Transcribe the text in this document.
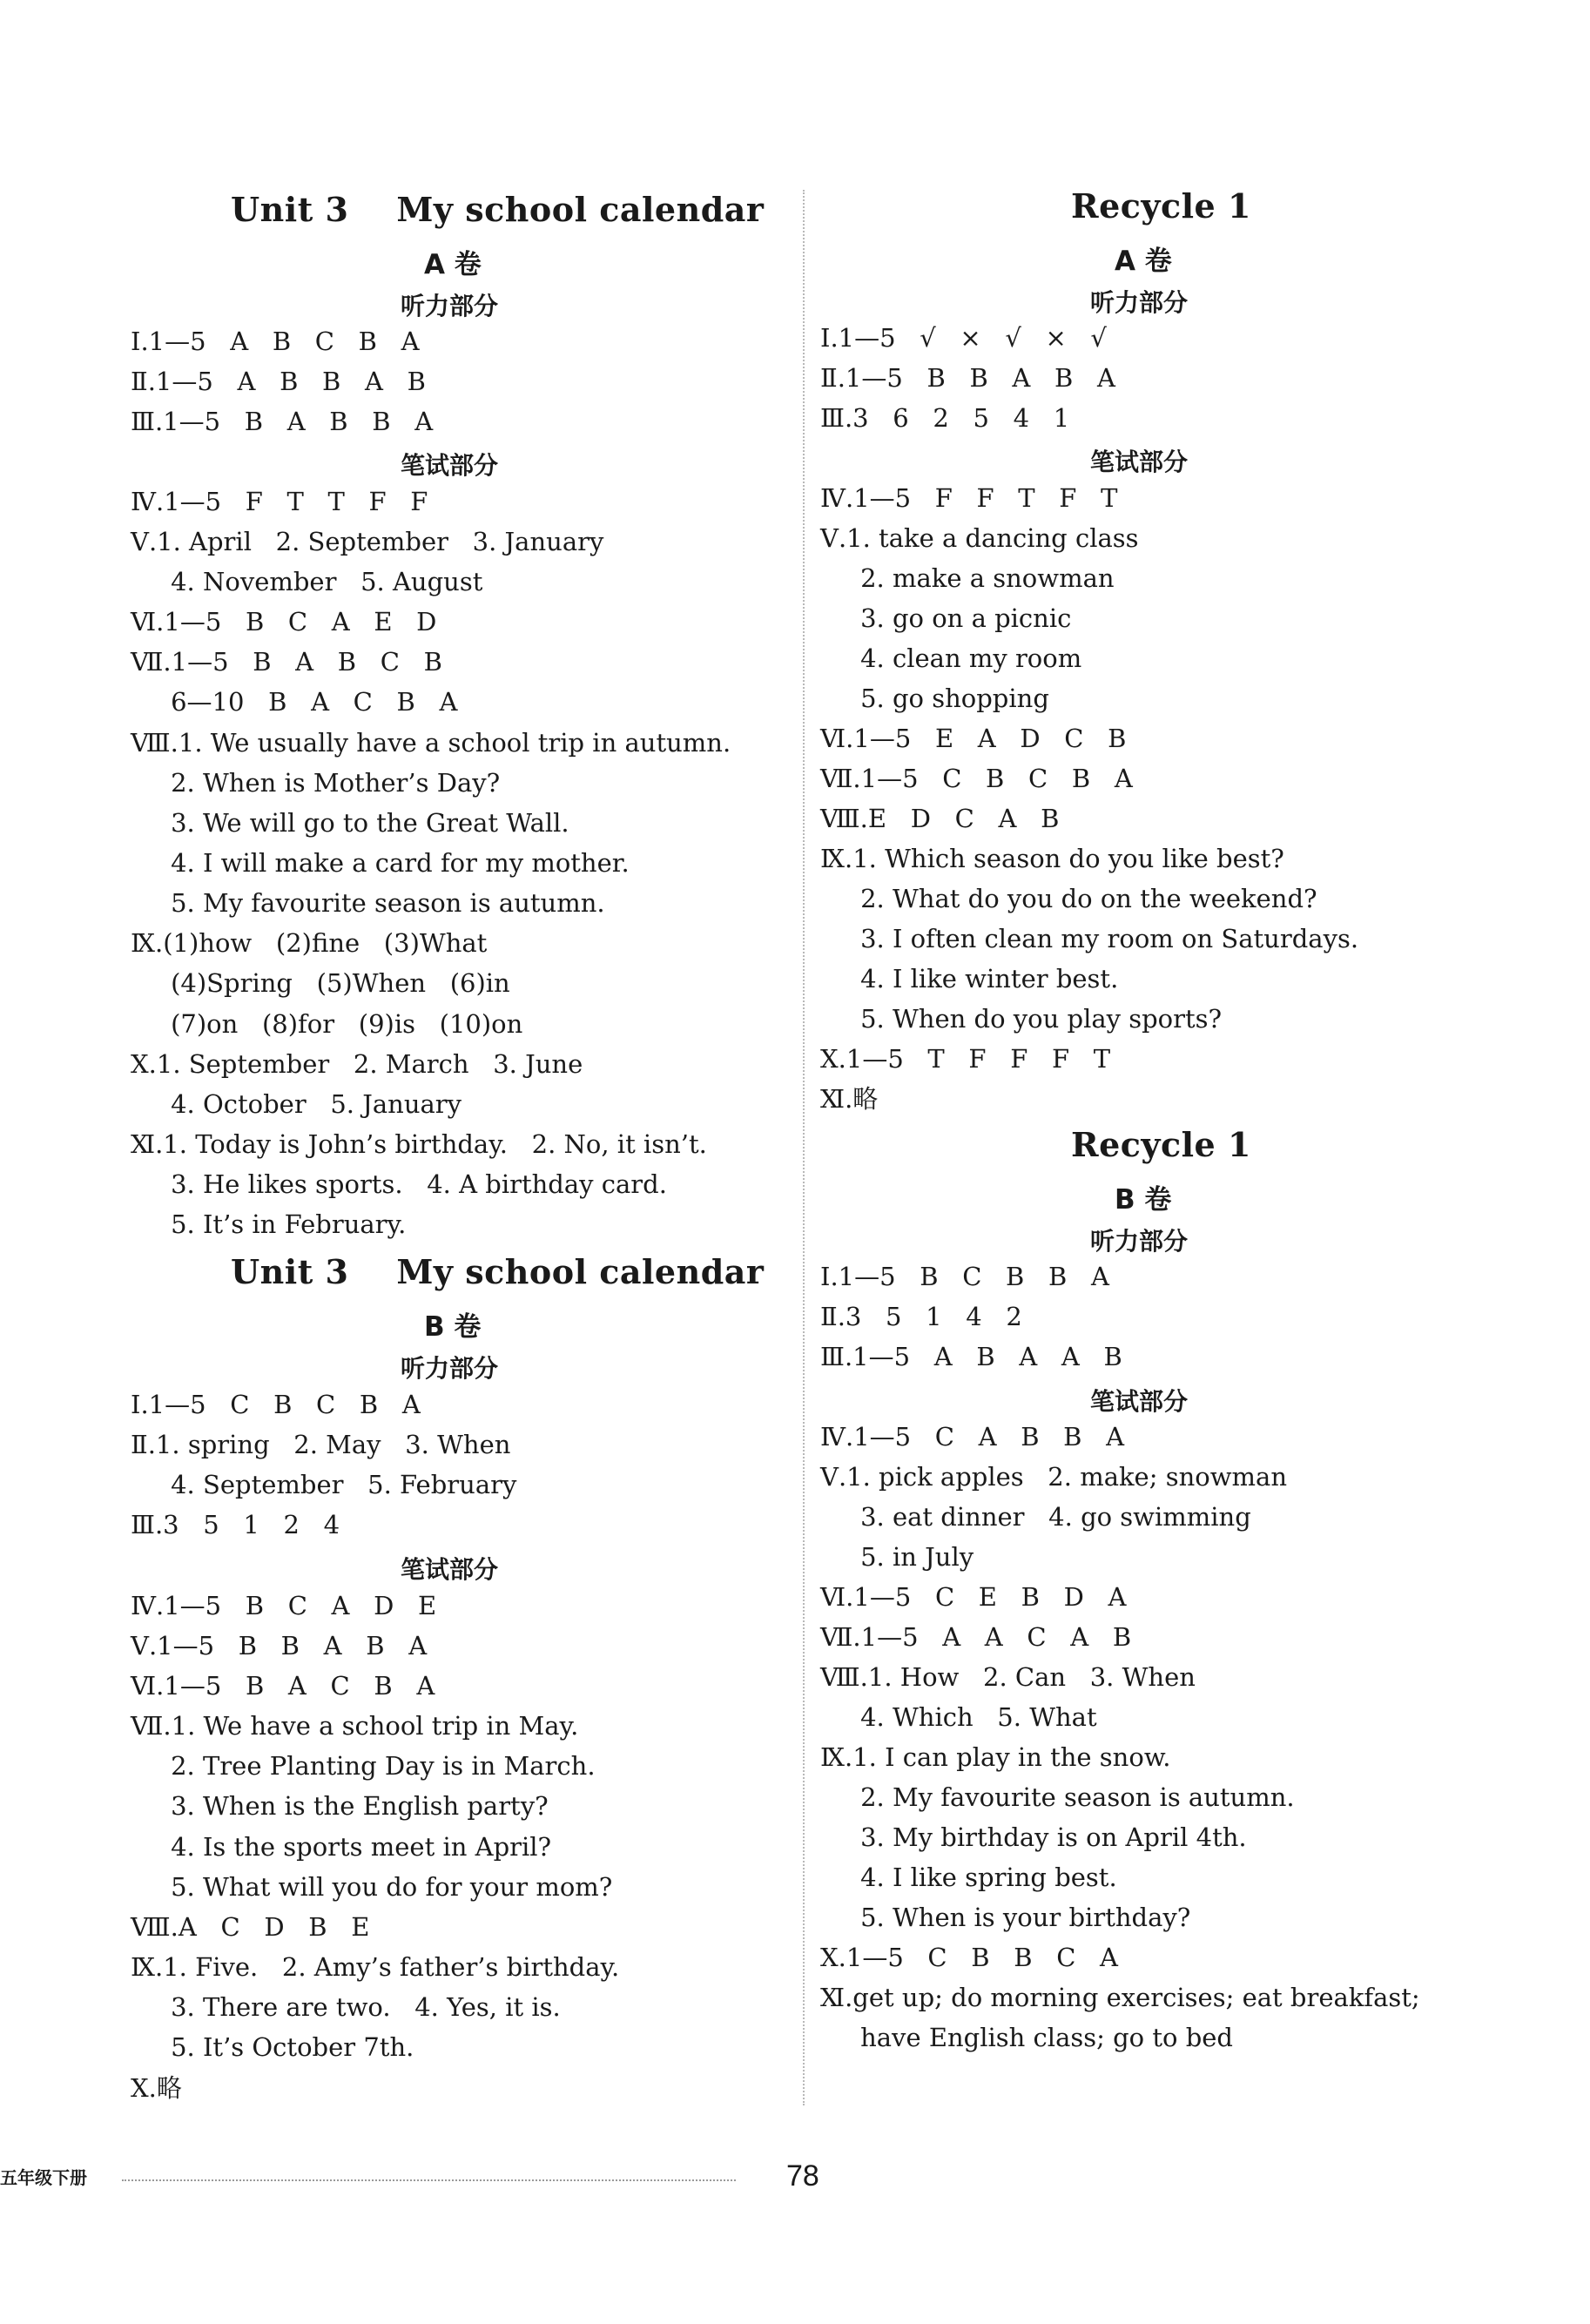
Unit 3    My school calendar
A 卷
听力部分
Ⅰ.1—5   A   B   C   B   A
Ⅱ.1—5   A   B   B   A   B
Ⅲ.1—5   B   A   B   B   A
笔试部分
Ⅳ.1—5   F   T   T   F   F
Ⅴ.1. April   2. September   3. January
4. November   5. August
Ⅵ.1—5   B   C   A   E   D
Ⅶ.1—5   B   A   B   C   B
6—10   B   A   C   B   A
Ⅷ.1. We usually have a school trip in autumn.
2. When is Mother’s Day?
3. We will go to the Great Wall.
4. I will make a card for my mother.
5. My favourite season is autumn.
Ⅸ.(1)how   (2)fine   (3)What
(4)Spring   (5)When   (6)in
(7)on   (8)for   (9)is   (10)on
Ⅹ.1. September   2. March   3. June
4. October   5. January
Ⅺ.1. Today is John’s birthday.   2. No, it isn’t.
3. He likes sports.   4. A birthday card.
5. It’s in February.
Unit 3    My school calendar
B 卷
听力部分
Ⅰ.1—5   C   B   C   B   A
Ⅱ.1. spring   2. May   3. When
4. September   5. February
Ⅲ.3   5   1   2   4
笔试部分
Ⅳ.1—5   B   C   A   D   E
Ⅴ.1—5   B   B   A   B   A
Ⅵ.1—5   B   A   C   B   A
Ⅶ.1. We have a school trip in May.
2. Tree Planting Day is in March.
3. When is the English party?
4. Is the sports meet in April?
5. What will you do for your mom?
Ⅷ.A   C   D   B   E
Ⅸ.1. Five.   2. Amy’s father’s birthday.
3. There are two.   4. Yes, it is.
5. It’s October 7th.
Ⅹ.略
Recycle 1
A 卷
听力部分
Ⅰ.1—5   √   ×   √   ×   √
Ⅱ.1—5   B   B   A   B   A
Ⅲ.3   6   2   5   4   1
笔试部分
Ⅳ.1—5   F   F   T   F   T
Ⅴ.1. take a dancing class
2. make a snowman
3. go on a picnic
4. clean my room
5. go shopping
Ⅵ.1—5   E   A   D   C   B
Ⅶ.1—5   C   B   C   B   A
Ⅷ.E   D   C   A   B
Ⅸ.1. Which season do you like best?
2. What do you do on the weekend?
3. I often clean my room on Saturdays.
4. I like winter best.
5. When do you play sports?
Ⅹ.1—5   T   F   F   F   T
Ⅺ.略
Recycle 1
B 卷
听力部分
Ⅰ.1—5   B   C   B   B   A
Ⅱ.3   5   1   4   2
Ⅲ.1—5   A   B   A   A   B
笔试部分
Ⅳ.1—5   C   A   B   B   A
Ⅴ.1. pick apples   2. make; snowman
3. eat dinner   4. go swimming
5. in July
Ⅵ.1—5   C   E   B   D   A
Ⅶ.1—5   A   A   C   A   B
Ⅷ.1. How   2. Can   3. When
4. Which   5. What
Ⅸ.1. I can play in the snow.
2. My favourite season is autumn.
3. My birthday is on April 4th.
4. I like spring best.
5. When is your birthday?
Ⅹ.1—5   C   B   B   C   A
Ⅺ.get up; do morning exercises; eat breakfast;
have English class; go to bed
五年级下册	78
